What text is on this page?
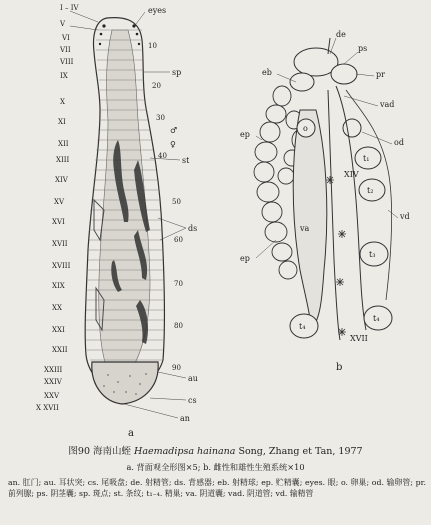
I – IV
V
VI
VII
VIII
IX
X
XI
XII
XIII
XIV
XV
XVI
XVII
XVIII
XIX
XX
XXI
XXII
XXIII
XXIV
XXV
X XVII
10
20
30
40
50
60
70
80
90
eyes
sp
♂
♀
st
ds
au
cs
an
de
ps
eb	pr
vad
ep
o
od
t₁
XIV
t₂
vd
va
t₃
ep
t₄
t₄
XVII
a
b
图90 海南山蛭 Haemadipsa hainana Song, Zhang et Tan, 1977
a. 背面观全形图×5; b. 雌性和雄性生殖系统×10
an. 肛门; au. 耳状突; cs. 尾吸盘; de. 射精管; ds. 背感器; eb. 射精球; ep. 贮精囊; eyes. 眼; o. 卵巢; od. 输卵管; pr. 前列腺; ps. 阴茎囊; sp. 斑点; st. 条纹; t₁₋₄. 精巢; va. 阴道囊; vad. 阴道管; vd. 输精管
